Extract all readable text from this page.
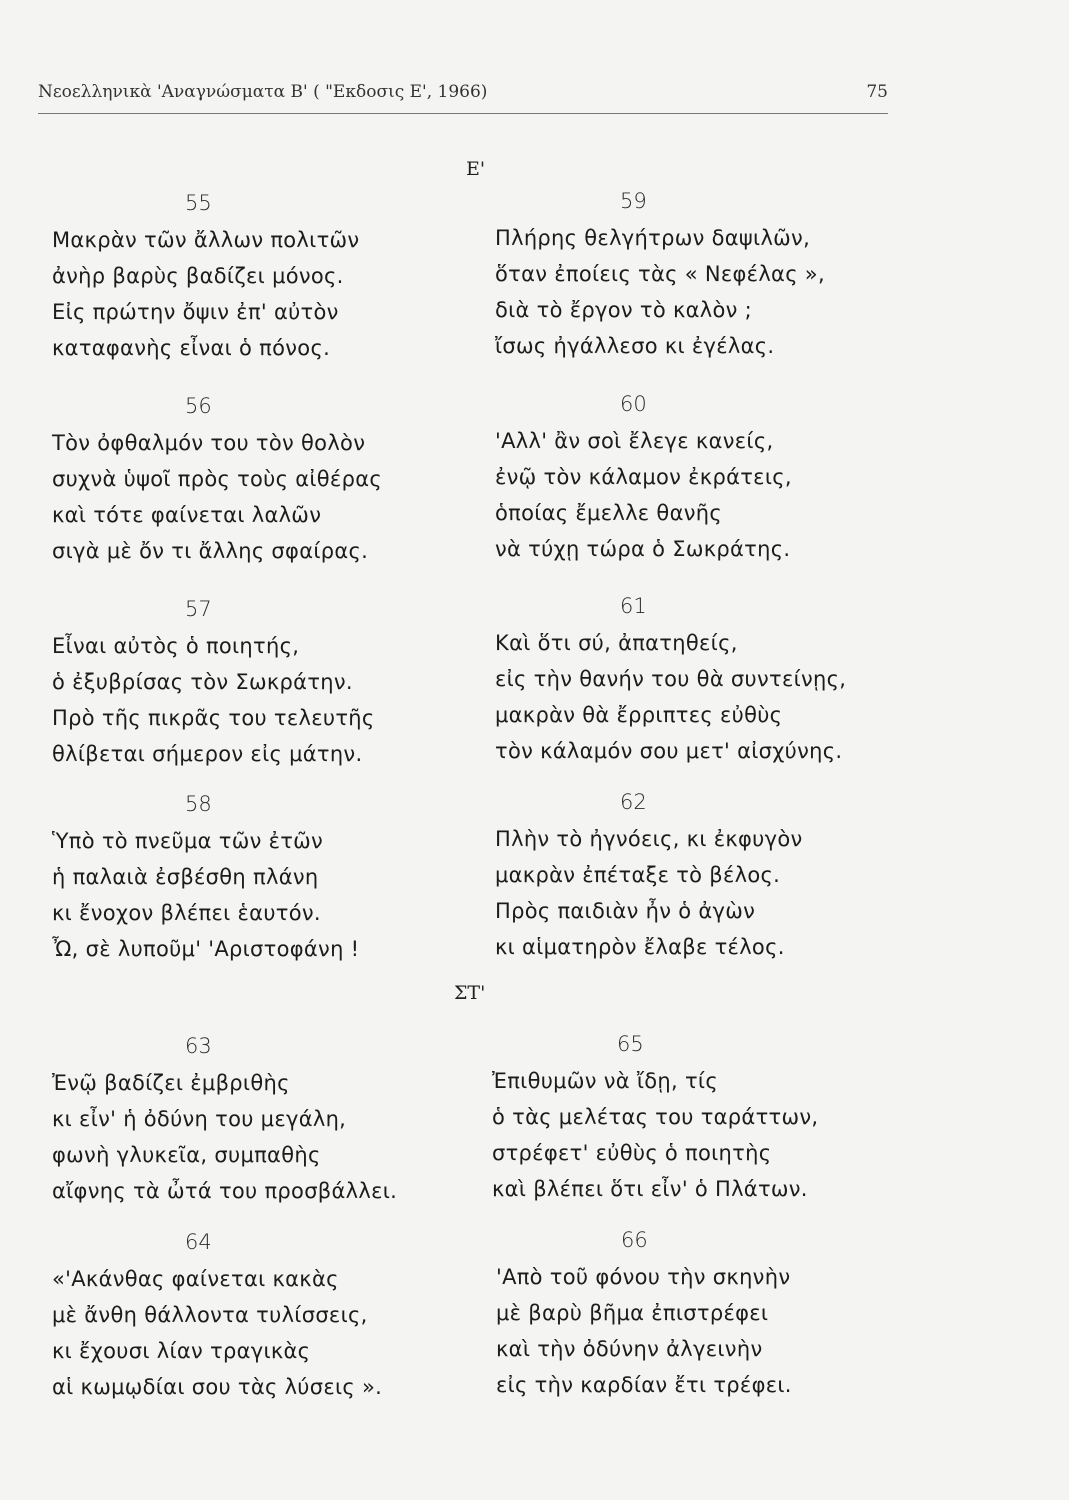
Νεοελληνικὰ 'Αναγνώσματα Β' ( "Εκδοσις Ε', 1966)	75
Ε'
ΣΤ'
55
Μακρὰν τῶν ἄλλων πολιτῶν
ἀνὴρ βαρὺς βαδίζει μόνος.
Εἰς πρώτην ὄψιν ἐπ' αὐτὸν
καταφανὴς εἶναι ὁ πόνος.
56
Τὸν ὀφθαλμόν του τὸν θολὸν
συχνὰ ὑψοῖ πρὸς τοὺς αἰθέρας
καὶ τότε φαίνεται λαλῶν
σιγὰ μὲ ὄν τι ἄλλης σφαίρας.
57
Εἶναι αὐτὸς ὁ ποιητής,
ὁ ἐξυβρίσας τὸν Σωκράτην.
Πρὸ τῆς πικρᾶς του τελευτῆς
θλίβεται σήμερον εἰς μάτην.
58
Ὑπὸ τὸ πνεῦμα τῶν ἐτῶν
ἡ παλαιὰ ἐσβέσθη πλάνη
κι ἔνοχον βλέπει ἑαυτόν.
Ὦ, σὲ λυποῦμ' 'Αριστοφάνη !
59
Πλήρης θελγήτρων δαψιλῶν,
ὅταν ἐποίεις τὰς « Νεφέλας »,
διὰ τὸ ἔργον τὸ καλὸν ;
ἴσως ἠγάλλεσο κι ἐγέλας.
60
'Αλλ' ἂν σοὶ ἔλεγε κανείς,
ἐνῷ τὸν κάλαμον ἐκράτεις,
ὁποίας ἔμελλε θανῆς
νὰ τύχῃ τώρα ὁ Σωκράτης.
61
Καὶ ὅτι σύ, ἀπατηθείς,
εἰς τὴν θανήν του θὰ συντείνῃς,
μακρὰν θὰ ἔρριπτες εὐθὺς
τὸν κάλαμόν σου μετ' αἰσχύνης.
62
Πλὴν τὸ ἠγνόεις, κι ἐκφυγὸν
μακρὰν ἐπέταξε τὸ βέλος.
Πρὸς παιδιὰν ἦν ὁ ἀγὼν
κι αἱματηρὸν ἔλαβε τέλος.
63
Ἐνῷ βαδίζει ἐμβριθὴς
κι εἶν' ἡ ὀδύνη του μεγάλη,
φωνὴ γλυκεῖα, συμπαθὴς
αἴφνης τὰ ὦτά του προσβάλλει.
64
«'Ακάνθας φαίνεται κακὰς
μὲ ἄνθη θάλλοντα τυλίσσεις,
κι ἔχουσι λίαν τραγικὰς
αἱ κωμῳδίαι σου τὰς λύσεις ».
65
Ἐπιθυμῶν νὰ ἴδῃ, τίς
ὁ τὰς μελέτας του ταράττων,
στρέφετ' εὐθὺς ὁ ποιητὴς
καὶ βλέπει ὅτι εἶν' ὁ Πλάτων.
66
'Απὸ τοῦ φόνου τὴν σκηνὴν
μὲ βαρὺ βῆμα ἐπιστρέφει
καὶ τὴν ὀδύνην ἀλγεινὴν
εἰς τὴν καρδίαν ἔτι τρέφει.
